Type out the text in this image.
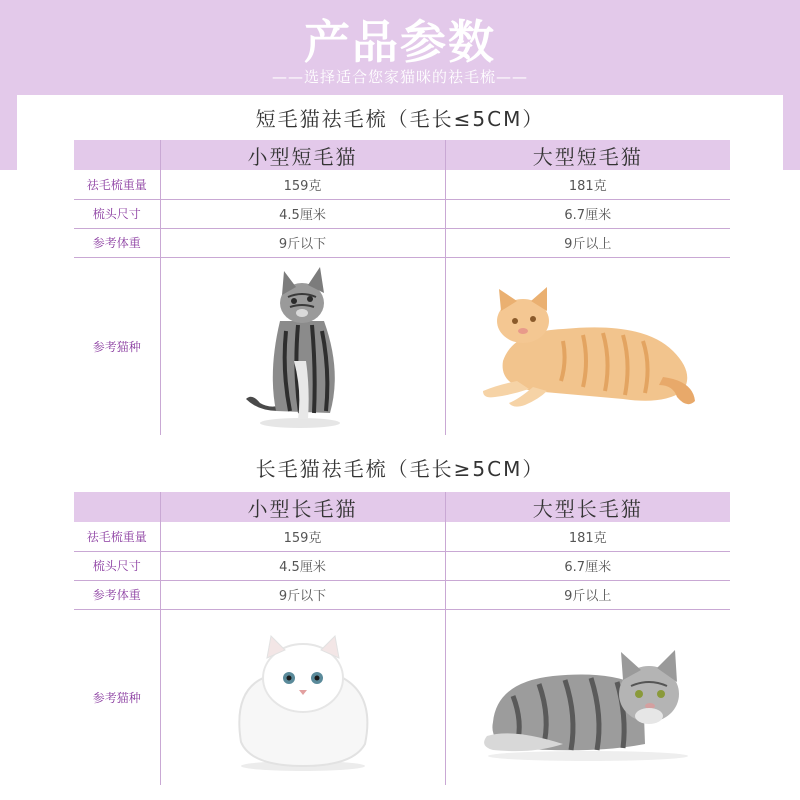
产品参数
——选择适合您家猫咪的祛毛梳——
短毛猫祛毛梳（毛长≤5CM）
	小型短毛猫	大型短毛猫
祛毛梳重量	159克	181克
梳头尺寸	4.5厘米	6.7厘米
参考体重	9斤以下	9斤以上
参考猫种	

长毛猫祛毛梳（毛长≥5CM）
	小型长毛猫	大型长毛猫
祛毛梳重量	159克	181克
梳头尺寸	4.5厘米	6.7厘米
参考体重	9斤以下	9斤以上
参考猫种	
